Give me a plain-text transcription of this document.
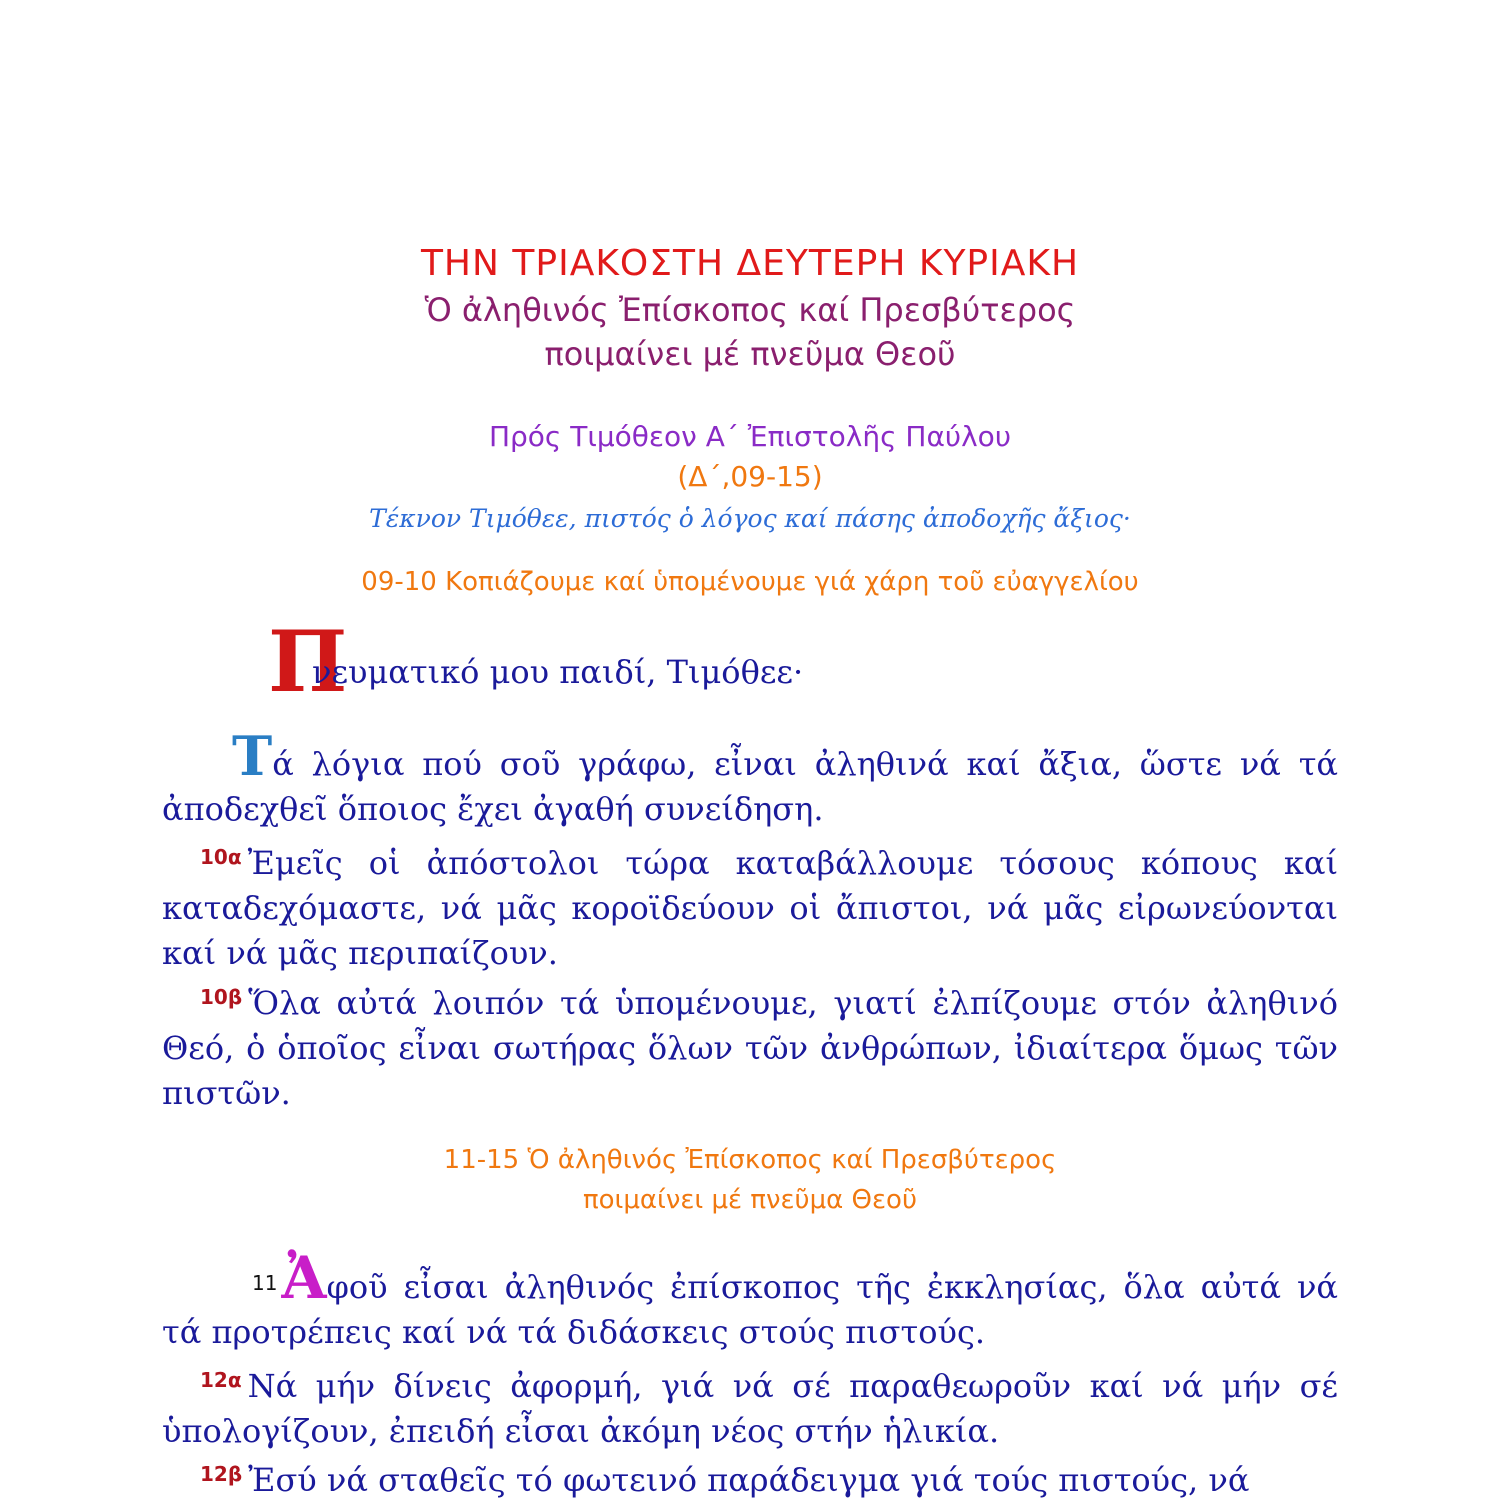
ΤΗΝ ΤΡΙΑΚΟΣΤΗ ΔΕΥΤΕΡΗ ΚΥΡΙΑΚΗ
Ὁ ἀληθινός Ἐπίσκοπος καί Πρεσβύτερος
ποιμαίνει μέ πνεῦμα Θεοῦ
Πρός Τιμόθεον Α΄ Ἐπιστολῆς Παύλου
(Δ΄,09-15)
Τέκνον Τιμόθεε, πιστός ὁ λόγος καί πάσης ἀποδοχῆς ἄξιος·
09-10 Κοπιάζουμε καί ὑπομένουμε γιά χάρη τοῦ εὐαγγελίου
Π
νευματικό μου παιδί, Τιμόθεε·
Τά λόγια πού σοῦ γράφω, εἶναι ἀληθινά καί ἄξια, ὥστε νά τά ἀποδεχθεῖ ὅποιος ἔχει ἀγαθή συνείδηση.
$^{10\alpha}$ Ἐμεῖς οἱ ἀπόστολοι τώρα καταβάλλουμε τόσους κόπους καί καταδεχόμαστε, νά μᾶς κοροϊδεύουν οἱ ἄπιστοι, νά μᾶς εἰρωνεύονται καί νά μᾶς περιπαίζουν.
$^{10\beta}$ Ὅλα αὐτά λοιπόν τά ὑπομένουμε, γιατί ἐλπίζουμε στόν ἀληθινό Θεό, ὁ ὁποῖος εἶναι σωτήρας ὅλων τῶν ἀνθρώπων, ἰδιαίτερα ὅμως τῶν πιστῶν.
11-15 Ὁ ἀληθινός Ἐπίσκοπος καί Πρεσβύτερος
ποιμαίνει μέ πνεῦμα Θεοῦ
$^{11}$Ἀφοῦ εἶσαι ἀληθινός ἐπίσκοπος τῆς ἐκκλησίας, ὅλα αὐτά νά τά προτρέπεις καί νά τά διδάσκεις στούς πιστούς.
$^{12\alpha}$ Νά μήν δίνεις ἀφορμή, γιά νά σέ παραθεωροῦν καί νά μήν σέ ὑπολογίζουν, ἐπειδή εἶσαι ἀκόμη νέος στήν ἡλικία.
$^{12\beta}$ Ἐσύ νά σταθεῖς τό φωτεινό παράδειγμα γιά τούς πιστούς, νά
